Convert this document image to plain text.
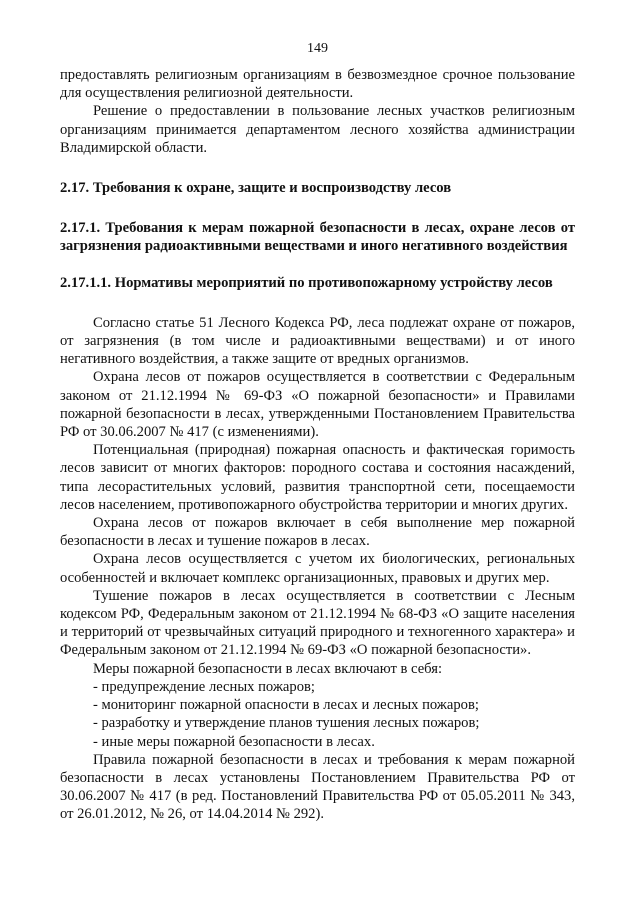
149

предоставлять религиозным организациям в безвозмездное срочное пользование для осуществления религиозной деятельности.

Решение о предоставлении в пользование лесных участков религиозным организациям принимается департаментом лесного хозяйства администрации Владимирской области.

2.17. Требования к охране, защите и воспроизводству лесов

2.17.1. Требования к мерам пожарной безопасности в лесах, охране лесов от загрязнения радиоактивными веществами и иного негативного воздействия

2.17.1.1. Нормативы мероприятий по противопожарному устройству лесов

Согласно статье 51 Лесного Кодекса РФ, леса подлежат охране от пожаров, от загрязнения (в том числе и радиоактивными веществами) и от иного негативного воздействия, а также защите от вредных организмов.

Охрана лесов от пожаров осуществляется в соответствии с Федеральным законом от 21.12.1994 № 69-ФЗ «О пожарной безопасности» и Правилами пожарной безопасности в лесах, утвержденными Постановлением Правительства РФ от 30.06.2007 № 417 (с изменениями).

Потенциальная (природная) пожарная опасность и фактическая горимость лесов зависит от многих факторов: породного состава и состояния насаждений, типа лесорастительных условий, развития транспортной сети, посещаемости лесов населением, противопожарного обустройства территории и многих других.

Охрана лесов от пожаров включает в себя выполнение мер пожарной безопасности в лесах и тушение пожаров в лесах.

Охрана лесов осуществляется с учетом их биологических, региональных особенностей и включает комплекс организационных, правовых и других мер.

Тушение пожаров в лесах осуществляется в соответствии с Лесным кодексом РФ, Федеральным законом от 21.12.1994 № 68-ФЗ «О защите населения и территорий от чрезвычайных ситуаций природного и техногенного характера» и Федеральным законом от 21.12.1994 № 69-ФЗ «О пожарной безопасности».

Меры пожарной безопасности в лесах включают в себя:

- предупреждение лесных пожаров;

- мониторинг пожарной опасности в лесах и лесных пожаров;

- разработку и утверждение планов тушения лесных пожаров;

- иные меры пожарной безопасности в лесах.

Правила пожарной безопасности в лесах и требования к мерам пожарной безопасности в лесах установлены Постановлением Правительства РФ от 30.06.2007 № 417 (в ред. Постановлений Правительства РФ от 05.05.2011 № 343, от 26.01.2012, № 26, от 14.04.2014 № 292).
